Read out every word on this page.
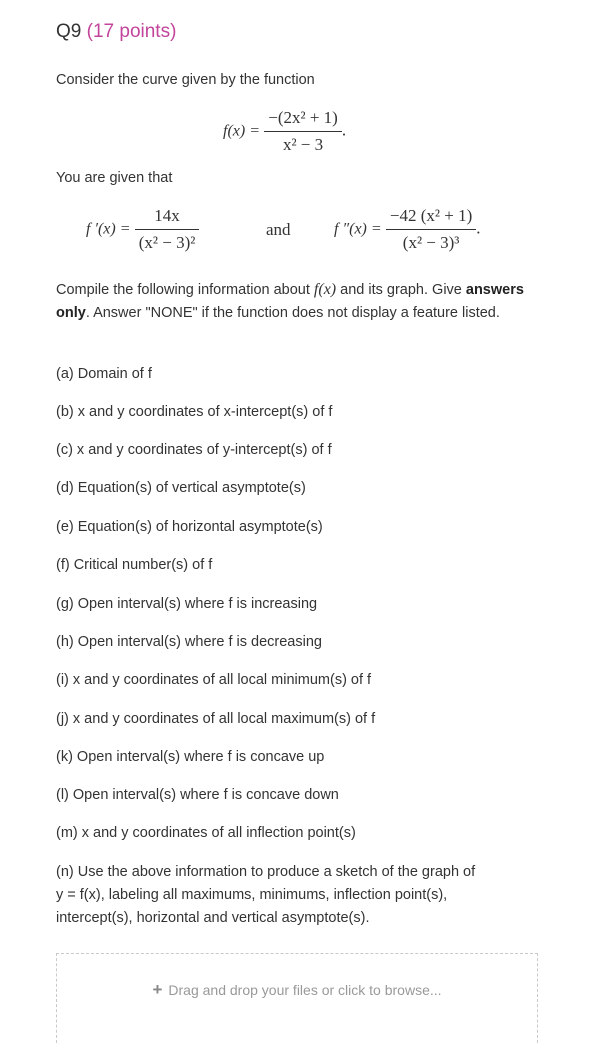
Q9 (17 points)
Consider the curve given by the function
$f(x) = \frac{\text{−(2x² + 1)}}{\text{x² − 3}}$ .
You are given that
f $'(x) = \frac{14x}{\text{(x² − 3)²}}$	and	f $''(x) = \frac{\text{−42 (x² + 1)}}{\text{(x² − 3)³}}$ .
Compile the following information about f(x) and its graph. Give answers only. Answer "NONE" if the function does not display a feature listed.
(a) Domain of f
(b) x and y coordinates of x-intercept(s) of f
(c) x and y coordinates of y-intercept(s) of f
(d) Equation(s) of vertical asymptote(s)
(e) Equation(s) of horizontal asymptote(s)
(f) Critical number(s) of f
(g) Open interval(s) where f is increasing
(h) Open interval(s) where f is decreasing
(i) x and y coordinates of all local minimum(s) of f
(j) x and y coordinates of all local maximum(s) of f
(k) Open interval(s) where f is concave up
(l) Open interval(s) where f is concave down
(m) x and y coordinates of all inflection point(s)
(n) Use the above information to produce a sketch of the graph of
y = f(x), labeling all maximums, minimums, inflection point(s),
intercept(s), horizontal and vertical asymptote(s).
+ Drag and drop your files or click to browse...
